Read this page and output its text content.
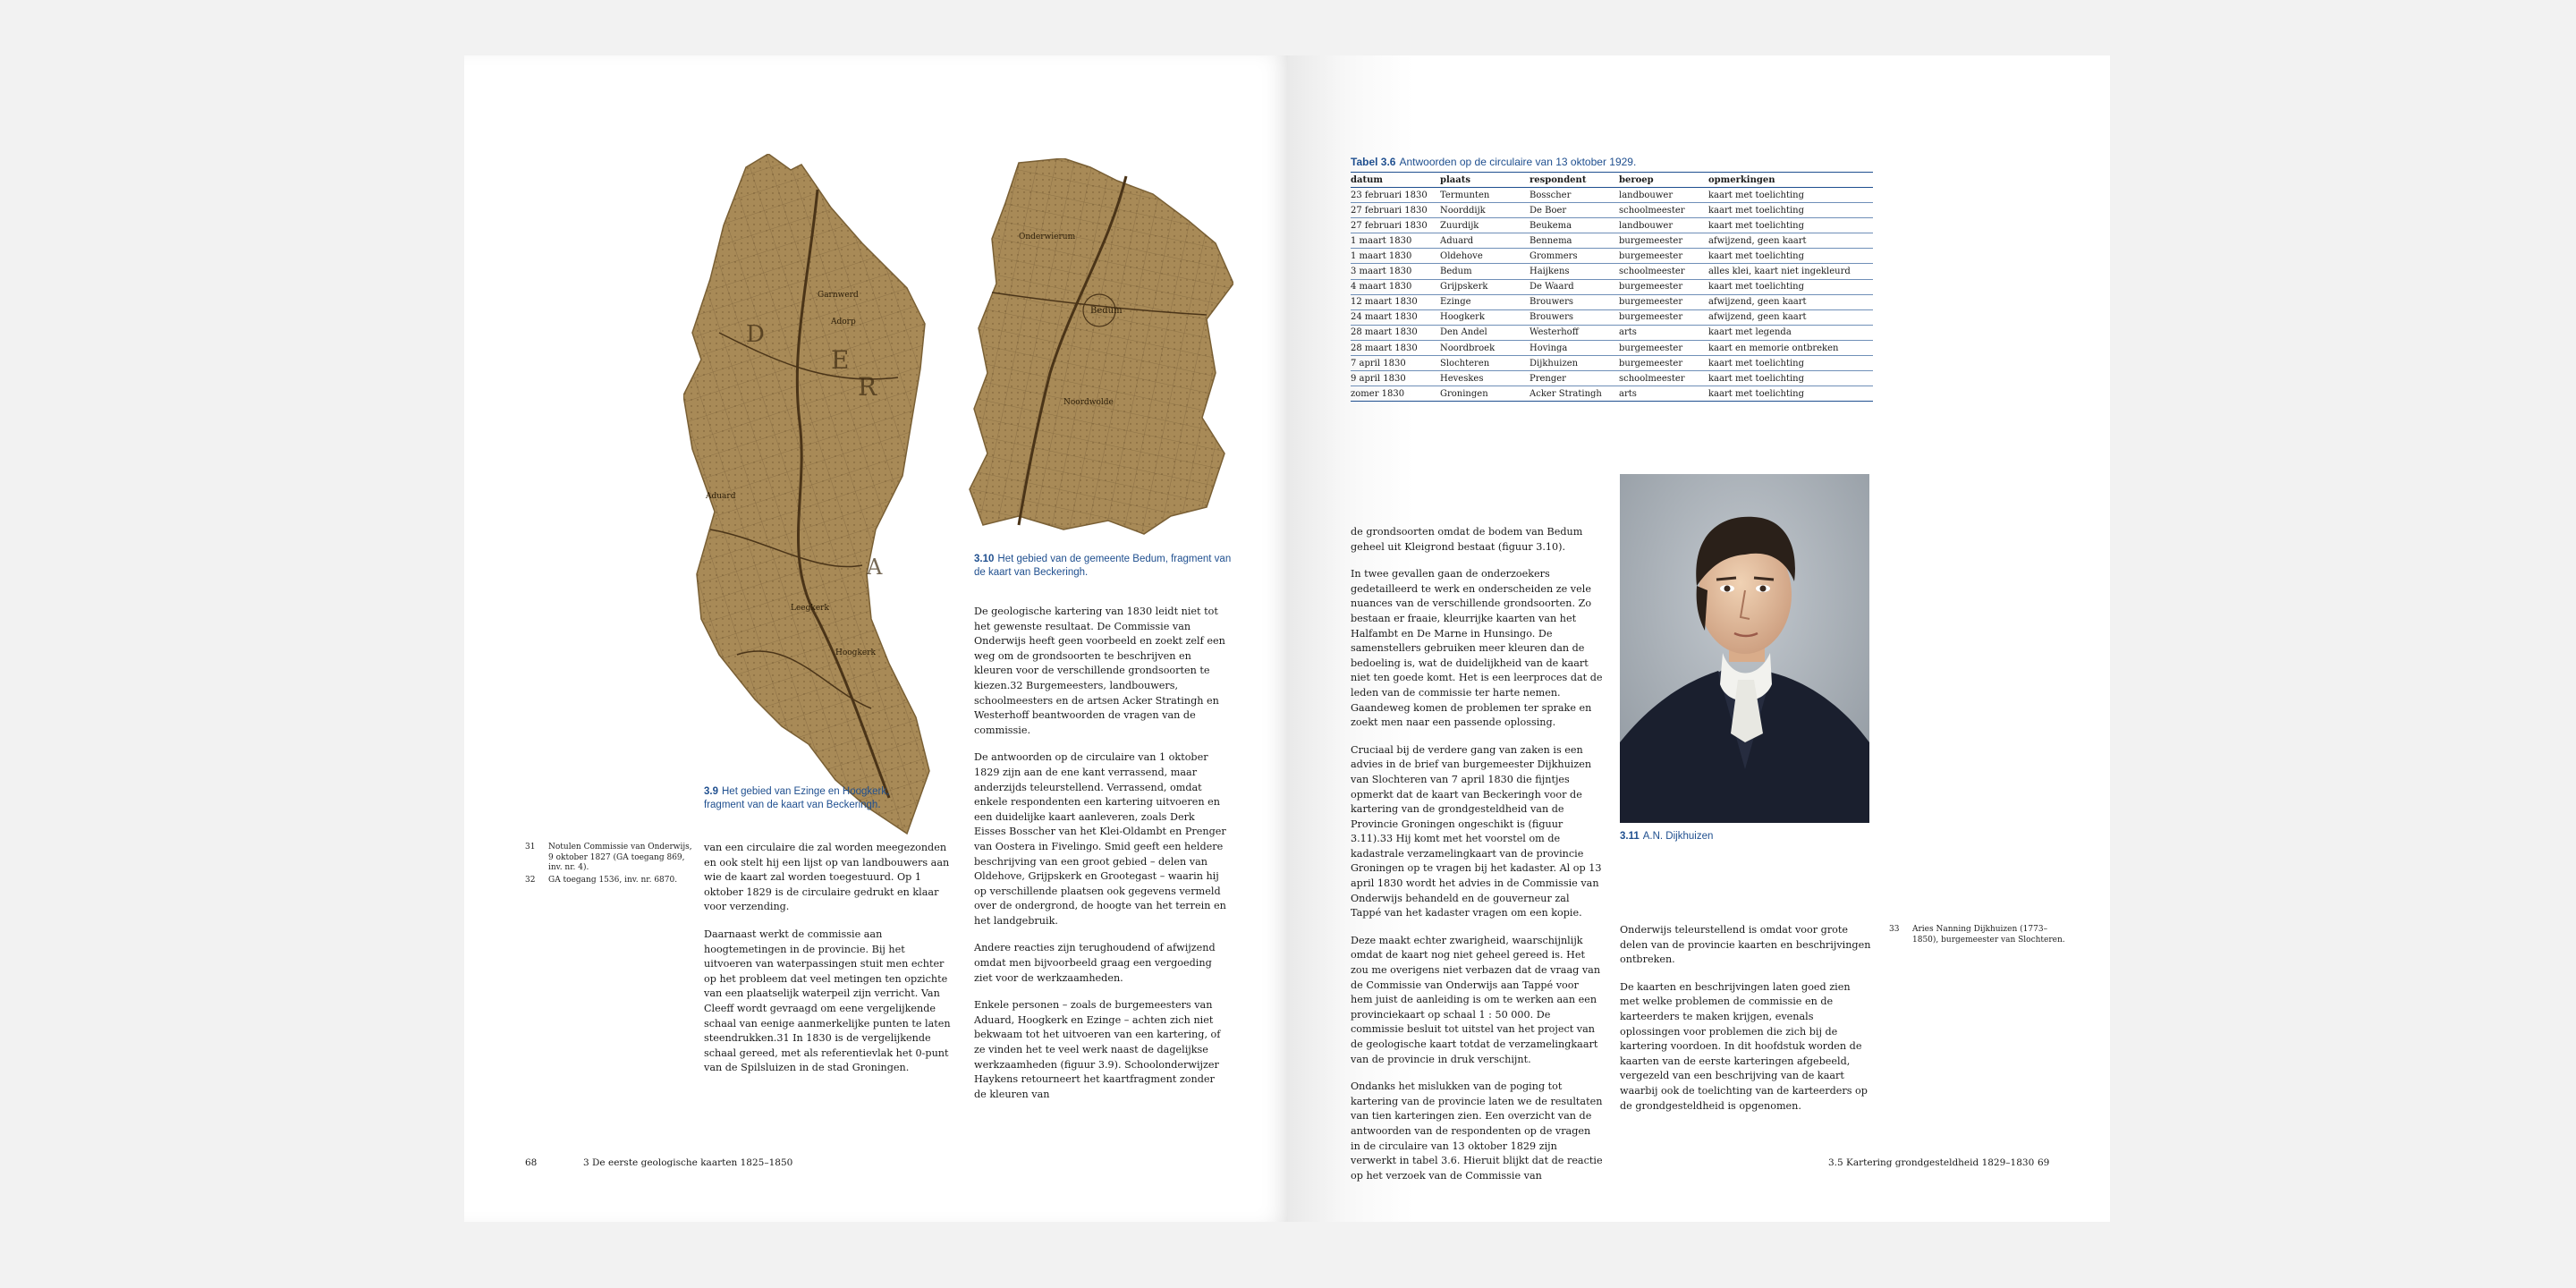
D
E
R
A
Garnwerd
Adorp
Aduard
Leegkerk
Hoogkerk
Bedum
Noordwolde
Onderwierum
3.10 Het gebied van de gemeente Bedum, fragment van de kaart van Beckeringh.
3.9 Het gebied van Ezinge en Hoogkerk, fragment van de kaart van Beckeringh.
31	Notulen Commissie van Onderwijs, 9 oktober 1827 (GA toegang 869, inv. nr. 4).
32	GA toegang 1536, inv. nr. 6870.

van een circulaire die zal worden meegezonden en ook stelt hij een lijst op van landbouwers aan wie de kaart zal worden toegestuurd. Op 1 oktober 1829 is de circulaire gedrukt en klaar voor verzending.

Daarnaast werkt de commissie aan hoogtemetingen in de provincie. Bij het uitvoeren van waterpassingen stuit men echter op het probleem dat veel metingen ten opzichte van een plaatselijk waterpeil zijn verricht. Van Cleeff wordt gevraagd om eene vergelijkende schaal van eenige aanmerkelijke punten te laten steendrukken.31 In 1830 is de vergelijkende schaal gereed, met als referentievlak het 0-punt van de Spilsluizen in de stad Groningen.

De geologische kartering van 1830 leidt niet tot het gewenste resultaat. De Commissie van Onderwijs heeft geen voorbeeld en zoekt zelf een weg om de grondsoorten te beschrijven en kleuren voor de verschillende grondsoorten te kiezen.32 Burgemeesters, landbouwers, schoolmeesters en de artsen Acker Stratingh en Westerhoff beantwoorden de vragen van de commissie.

De antwoorden op de circulaire van 1 oktober 1829 zijn aan de ene kant verrassend, maar anderzijds teleurstellend. Verrassend, omdat enkele respondenten een kartering uitvoeren en een duidelijke kaart aanleveren, zoals Derk Eisses Bosscher van het Klei-Oldambt en Prenger van Oostera in Fivelingo. Smid geeft een heldere beschrijving van een groot gebied – delen van Oldehove, Grijpskerk en Grootegast – waarin hij op verschillende plaatsen ook gegevens vermeld over de ondergrond, de hoogte van het terrein en het landgebruik.

Andere reacties zijn terughoudend of afwijzend omdat men bijvoorbeeld graag een vergoeding ziet voor de werkzaamheden.

Enkele personen – zoals de burgemeesters van Aduard, Hoogkerk en Ezinge – achten zich niet bekwaam tot het uitvoeren van een kartering, of ze vinden het te veel werk naast de dagelijkse werkzaamheden (figuur 3.9). Schoolonderwijzer Haykens retourneert het kaartfragment zonder de kleuren van

68	3 De eerste geologische kaarten 1825–1850
Tabel 3.6 Antwoorden op de circulaire van 13 oktober 1929.
datum	plaats	respondent	beroep	opmerkingen
23 februari 1830	Termunten	Bosscher	landbouwer	kaart met toelichting
27 februari 1830	Noorddijk	De Boer	schoolmeester	kaart met toelichting
27 februari 1830	Zuurdijk	Beukema	landbouwer	kaart met toelichting
1 maart 1830	Aduard	Bennema	burgemeester	afwijzend, geen kaart
1 maart 1830	Oldehove	Grommers	burgemeester	kaart met toelichting
3 maart 1830	Bedum	Haijkens	schoolmeester	alles klei, kaart niet ingekleurd
4 maart 1830	Grijpskerk	De Waard	burgemeester	kaart met toelichting
12 maart 1830	Ezinge	Brouwers	burgemeester	afwijzend, geen kaart
24 maart 1830	Hoogkerk	Brouwers	burgemeester	afwijzend, geen kaart
28 maart 1830	Den Andel	Westerhoff	arts	kaart met legenda
28 maart 1830	Noordbroek	Hovinga	burgemeester	kaart en memorie ontbreken
7 april 1830	Slochteren	Dijkhuizen	burgemeester	kaart met toelichting
9 april 1830	Heveskes	Prenger	schoolmeester	kaart met toelichting
zomer 1830	Groningen	Acker Stratingh	arts	kaart met toelichting
3.11 A.N. Dijkhuizen

de grondsoorten omdat de bodem van Bedum geheel uit Kleigrond bestaat (figuur 3.10).

In twee gevallen gaan de onderzoekers gedetailleerd te werk en onderscheiden ze vele nuances van de verschillende grondsoorten. Zo bestaan er fraaie, kleurrijke kaarten van het Halfambt en De Marne in Hunsingo. De samenstellers gebruiken meer kleuren dan de bedoeling is, wat de duidelijkheid van de kaart niet ten goede komt. Het is een leerproces dat de leden van de commissie ter harte nemen. Gaandeweg komen de problemen ter sprake en zoekt men naar een passende oplossing.

Cruciaal bij de verdere gang van zaken is een advies in de brief van burgemeester Dijkhuizen van Slochteren van 7 april 1830 die fijntjes opmerkt dat de kaart van Beckeringh voor de kartering van de grondgesteldheid van de Provincie Groningen ongeschikt is (figuur 3.11).33 Hij komt met het voorstel om de kadastrale verzamelingkaart van de provincie Groningen op te vragen bij het kadaster. Al op 13 april 1830 wordt het advies in de Commissie van Onderwijs behandeld en de gouverneur zal Tappé van het kadaster vragen om een kopie.

Deze maakt echter zwarigheid, waarschijnlijk omdat de kaart nog niet geheel gereed is. Het zou me overigens niet verbazen dat de vraag van de Commissie van Onderwijs aan Tappé voor hem juist de aanleiding is om te werken aan een provinciekaart op schaal 1 : 50 000. De commissie besluit tot uitstel van het project van de geologische kaart totdat de verzamelingkaart van de provincie in druk verschijnt.

Ondanks het mislukken van de poging tot kartering van de provincie laten we de resultaten van tien karteringen zien. Een overzicht van de antwoorden van de respondenten op de vragen in de circulaire van 13 oktober 1829 zijn verwerkt in tabel 3.6. Hieruit blijkt dat de reactie op het verzoek van de Commissie van

Onderwijs teleurstellend is omdat voor grote delen van de provincie kaarten en beschrijvingen ontbreken.

De kaarten en beschrijvingen laten goed zien met welke problemen de commissie en de karteerders te maken krijgen, evenals oplossingen voor problemen die zich bij de kartering voordoen. In dit hoofdstuk worden de kaarten van de eerste karteringen afgebeeld, vergezeld van een beschrijving van de kaart waarbij ook de toelichting van de karteerders op de grondgesteldheid is opgenomen.

33	Aries Nanning Dijkhuizen (1773–1850), burgemeester van Slochteren.
3.5 Kartering grondgesteldheid 1829–1830 69
